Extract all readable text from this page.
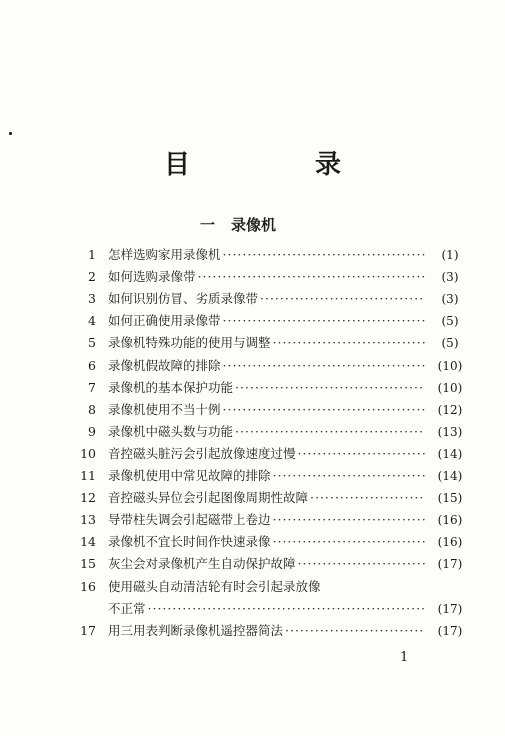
目 录
一 录像机
1 怎样选购家用录像机 ·····	(1)
2 如何选购录像带 ·····	(3)
3 如何识别仿冒、劣质录像带 ·····	(3)
4 如何正确使用录像带 ·····	(5)
5 录像机特殊功能的使用与调整 ·····	(5)
6 录像机假故障的排除 ·····	(10)
7 录像机的基本保护功能 ·····	(10)
8 录像机使用不当十例 ·····	(12)
9 录像机中磁头数与功能 ·····	(13)
10 音控磁头脏污会引起放像速度过慢 ·····	(14)
11 录像机使用中常见故障的排除 ·····	(14)
12 音控磁头异位会引起图像周期性故障 ·····	(15)
13 导带柱失调会引起磁带上卷边 ·····	(16)
14 录像机不宜长时间作快速录像 ·····	(16)
15 灰尘会对录像机产生自动保护故障 ·····	(17)
16 使用磁头自动清洁轮有时会引起录放像
不正常 ·····	(17)
17 用三用表判断录像机遥控器简法 ·····	(17)
1
